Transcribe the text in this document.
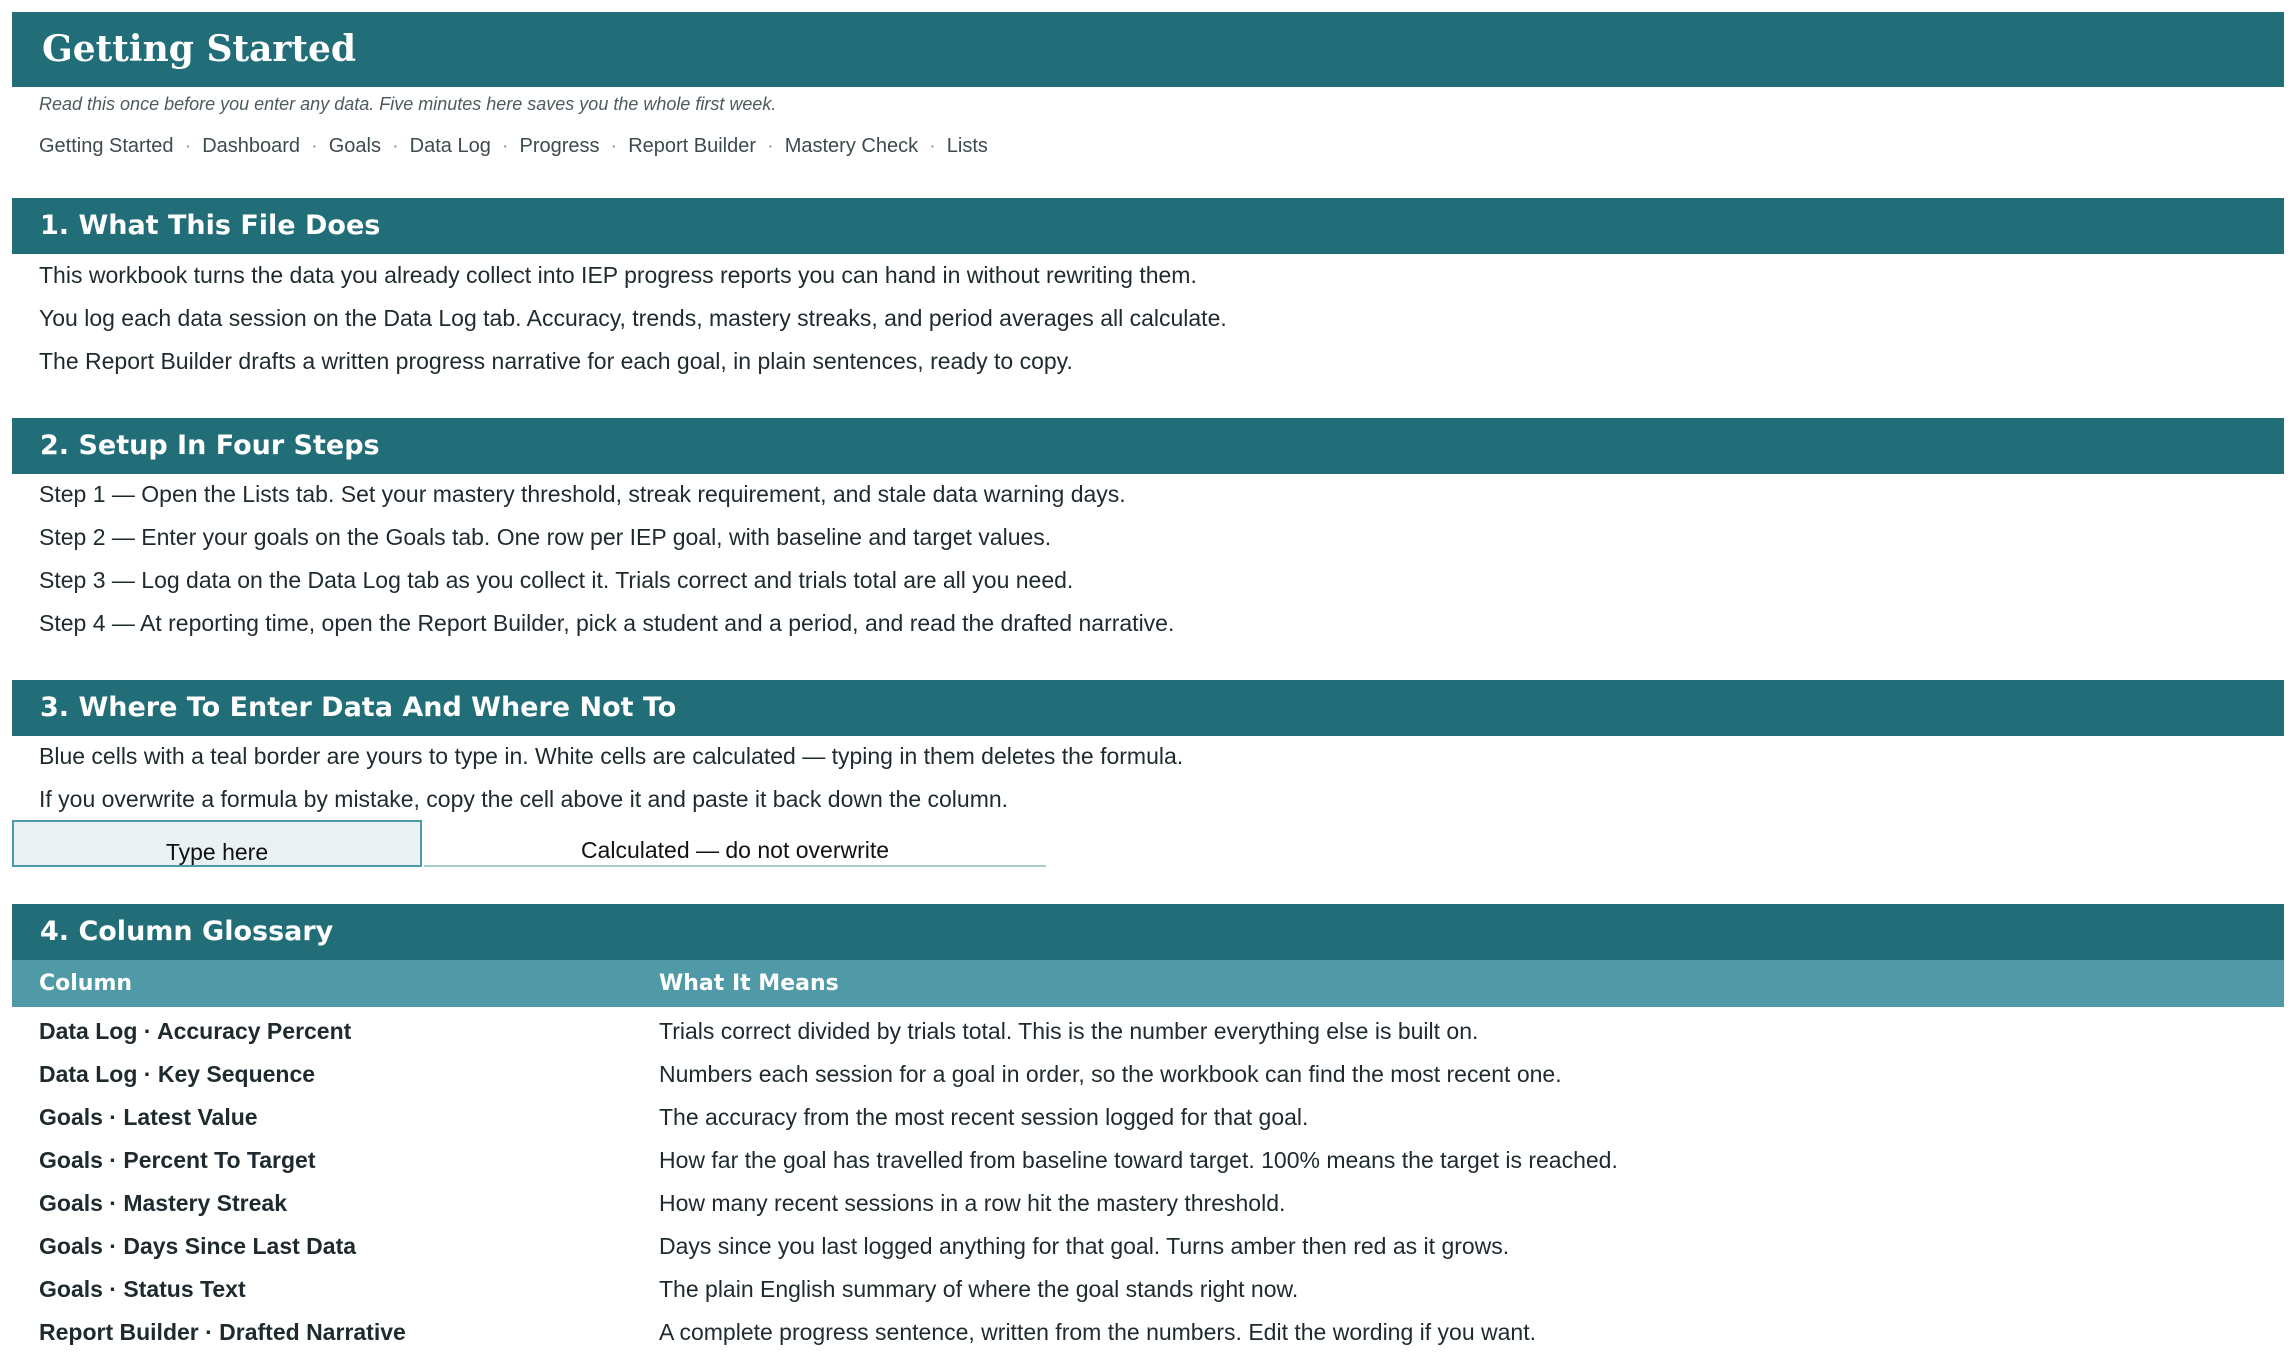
Getting Started
Read this once before you enter any data. Five minutes here saves you the whole first week.
Getting Started · Dashboard · Goals · Data Log · Progress · Report Builder · Mastery Check · Lists
1. What This File Does
This workbook turns the data you already collect into IEP progress reports you can hand in without rewriting them.
You log each data session on the Data Log tab. Accuracy, trends, mastery streaks, and period averages all calculate.
The Report Builder drafts a written progress narrative for each goal, in plain sentences, ready to copy.
2. Setup In Four Steps
Step 1 — Open the Lists tab. Set your mastery threshold, streak requirement, and stale data warning days.
Step 2 — Enter your goals on the Goals tab. One row per IEP goal, with baseline and target values.
Step 3 — Log data on the Data Log tab as you collect it. Trials correct and trials total are all you need.
Step 4 — At reporting time, open the Report Builder, pick a student and a period, and read the drafted narrative.
3. Where To Enter Data And Where Not To
Blue cells with a teal border are yours to type in. White cells are calculated — typing in them deletes the formula.
If you overwrite a formula by mistake, copy the cell above it and paste it back down the column.
Type here	Calculated — do not overwrite
4. Column Glossary
Column	What It Means
Data Log · Accuracy Percent	Trials correct divided by trials total. This is the number everything else is built on.
Data Log · Key Sequence	Numbers each session for a goal in order, so the workbook can find the most recent one.
Goals · Latest Value	The accuracy from the most recent session logged for that goal.
Goals · Percent To Target	How far the goal has travelled from baseline toward target. 100% means the target is reached.
Goals · Mastery Streak	How many recent sessions in a row hit the mastery threshold.
Goals · Days Since Last Data	Days since you last logged anything for that goal. Turns amber then red as it grows.
Goals · Status Text	The plain English summary of where the goal stands right now.
Report Builder · Drafted Narrative	A complete progress sentence, written from the numbers. Edit the wording if you want.
